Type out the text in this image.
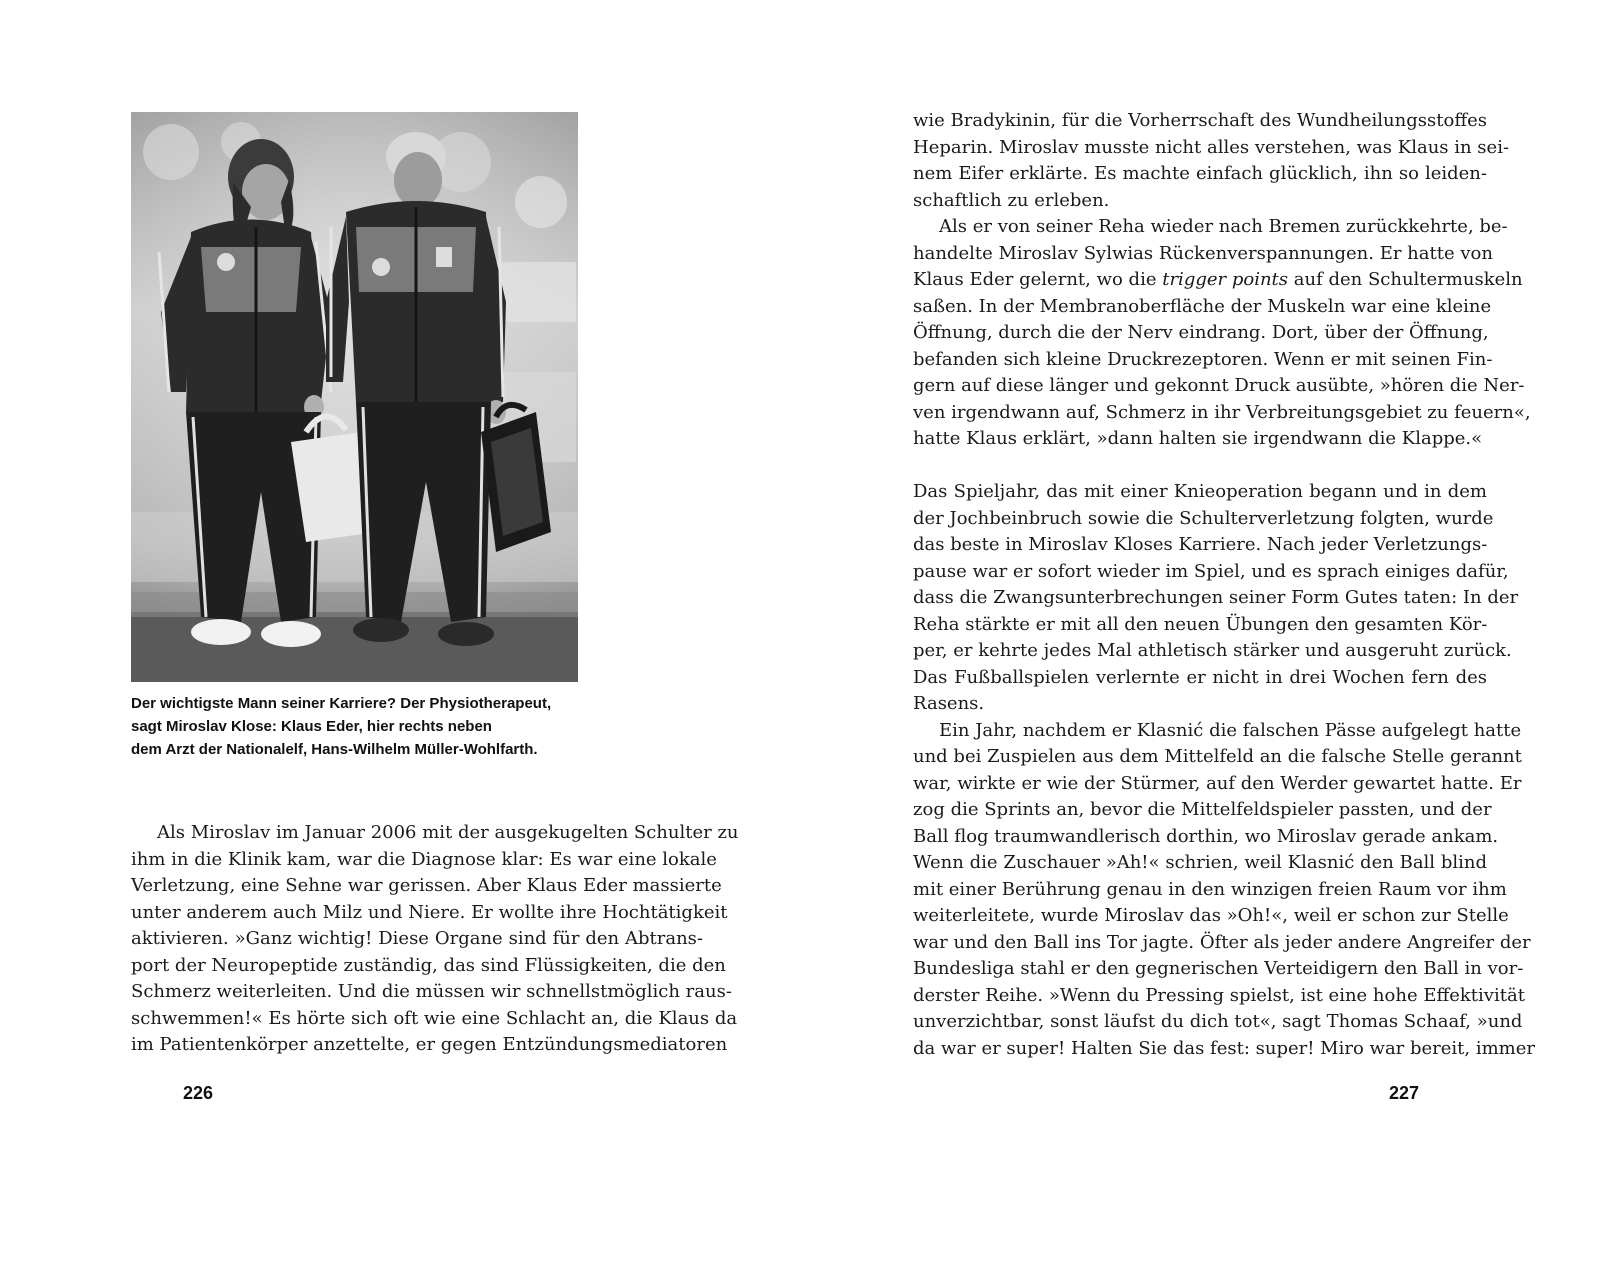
Der wichtigste Mann seiner Karriere? Der Physiotherapeut,
sagt Miroslav Klose: Klaus Eder, hier rechts neben
dem Arzt der Nationalelf, Hans-Wilhelm Müller-Wohlfarth.
Als Miroslav im Januar 2006 mit der ausgekugelten Schulter zu
ihm in die Klinik kam, war die Diagnose klar: Es war eine lokale
Verletzung, eine Sehne war gerissen. Aber Klaus Eder massierte
unter anderem auch Milz und Niere. Er wollte ihre Hochtätigkeit
aktivieren. »Ganz wichtig! Diese Organe sind für den Abtrans-
port der Neuropeptide zuständig, das sind Flüssigkeiten, die den
Schmerz weiterleiten. Und die müssen wir schnellstmöglich raus-
schwemmen!« Es hörte sich oft wie eine Schlacht an, die Klaus da
im Patientenkörper anzettelte, er gegen Entzündungsmediatoren
226
wie Bradykinin, für die Vorherrschaft des Wundheilungsstoffes
Heparin. Miroslav musste nicht alles verstehen, was Klaus in sei-
nem Eifer erklärte. Es machte einfach glücklich, ihn so leiden-
schaftlich zu erleben.
Als er von seiner Reha wieder nach Bremen zurückkehrte, be-
handelte Miroslav Sylwias Rückenverspannungen. Er hatte von
Klaus Eder gelernt, wo die trigger points auf den Schultermuskeln
saßen. In der Membranoberfläche der Muskeln war eine kleine
Öffnung, durch die der Nerv eindrang. Dort, über der Öffnung,
befanden sich kleine Druckrezeptoren. Wenn er mit seinen Fin-
gern auf diese länger und gekonnt Druck ausübte, »hören die Ner-
ven irgendwann auf, Schmerz in ihr Verbreitungsgebiet zu feuern«,
hatte Klaus erklärt, »dann halten sie irgendwann die Klappe.«
Das Spieljahr, das mit einer Knieoperation begann und in dem
der Jochbeinbruch sowie die Schulterverletzung folgten, wurde
das beste in Miroslav Kloses Karriere. Nach jeder Verletzungs-
pause war er sofort wieder im Spiel, und es sprach einiges dafür,
dass die Zwangsunterbrechungen seiner Form Gutes taten: In der
Reha stärkte er mit all den neuen Übungen den gesamten Kör-
per, er kehrte jedes Mal athletisch stärker und ausgeruht zurück.
Das Fußballspielen verlernte er nicht in drei Wochen fern des
Rasens.
Ein Jahr, nachdem er Klasnić die falschen Pässe aufgelegt hatte
und bei Zuspielen aus dem Mittelfeld an die falsche Stelle gerannt
war, wirkte er wie der Stürmer, auf den Werder gewartet hatte. Er
zog die Sprints an, bevor die Mittelfeldspieler passten, und der
Ball flog traumwandlerisch dorthin, wo Miroslav gerade ankam.
Wenn die Zuschauer »Ah!« schrien, weil Klasnić den Ball blind
mit einer Berührung genau in den winzigen freien Raum vor ihm
weiterleitete, wurde Miroslav das »Oh!«, weil er schon zur Stelle
war und den Ball ins Tor jagte. Öfter als jeder andere Angreifer der
Bundesliga stahl er den gegnerischen Verteidigern den Ball in vor-
derster Reihe. »Wenn du Pressing spielst, ist eine hohe Effektivität
unverzichtbar, sonst läufst du dich tot«, sagt Thomas Schaaf, »und
da war er super! Halten Sie das fest: super! Miro war bereit, immer
227
